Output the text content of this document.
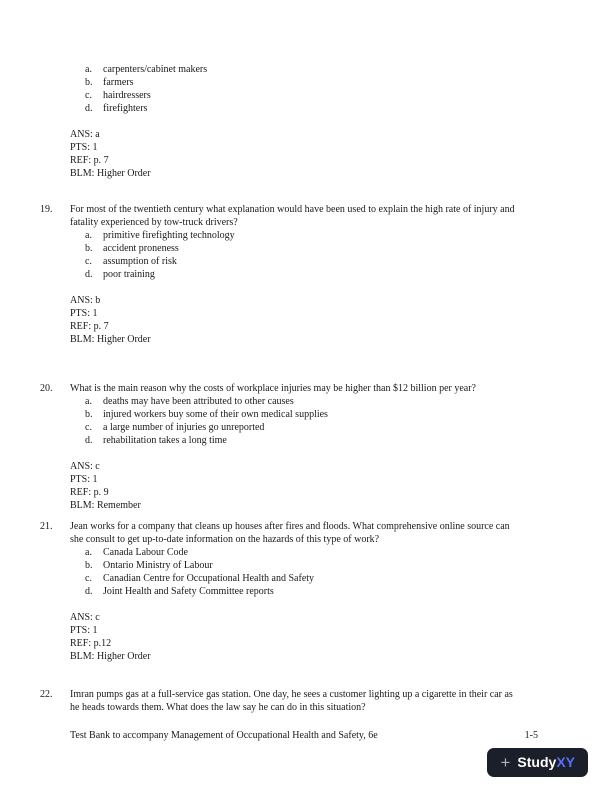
a.	carpenters/cabinet makers
b.	farmers
c.	hairdressers
d.	firefighters
ANS: a
PTS: 1
REF: p. 7
BLM: Higher Order
19.	For most of the twentieth century what explanation would have been used to explain the high rate of injury and fatality experienced by tow-truck drivers?
a.	primitive firefighting technology
b.	accident proneness
c.	assumption of risk
d.	poor training
ANS: b
PTS: 1
REF: p. 7
BLM: Higher Order
20.	What is the main reason why the costs of workplace injuries may be higher than $12 billion per year?
a.	deaths may have been attributed to other causes
b.	injured workers buy some of their own medical supplies
c.	a large number of injuries go unreported
d.	rehabilitation takes a long time
ANS: c
PTS: 1
REF: p. 9
BLM: Remember
21.	Jean works for a company that cleans up houses after fires and floods. What comprehensive online source can she consult to get up-to-date information on the hazards of this type of work?
a.	Canada Labour Code
b.	Ontario Ministry of Labour
c.	Canadian Centre for Occupational Health and Safety
d.	Joint Health and Safety Committee reports
ANS: c
PTS: 1
REF: p.12
BLM: Higher Order
22.	Imran pumps gas at a full-service gas station. One day, he sees a customer lighting up a cigarette in their car as he heads towards them. What does the law say he can do in this situation?
Test Bank to accompany Management of Occupational Health and Safety, 6e	1-5
+ StudyXY
